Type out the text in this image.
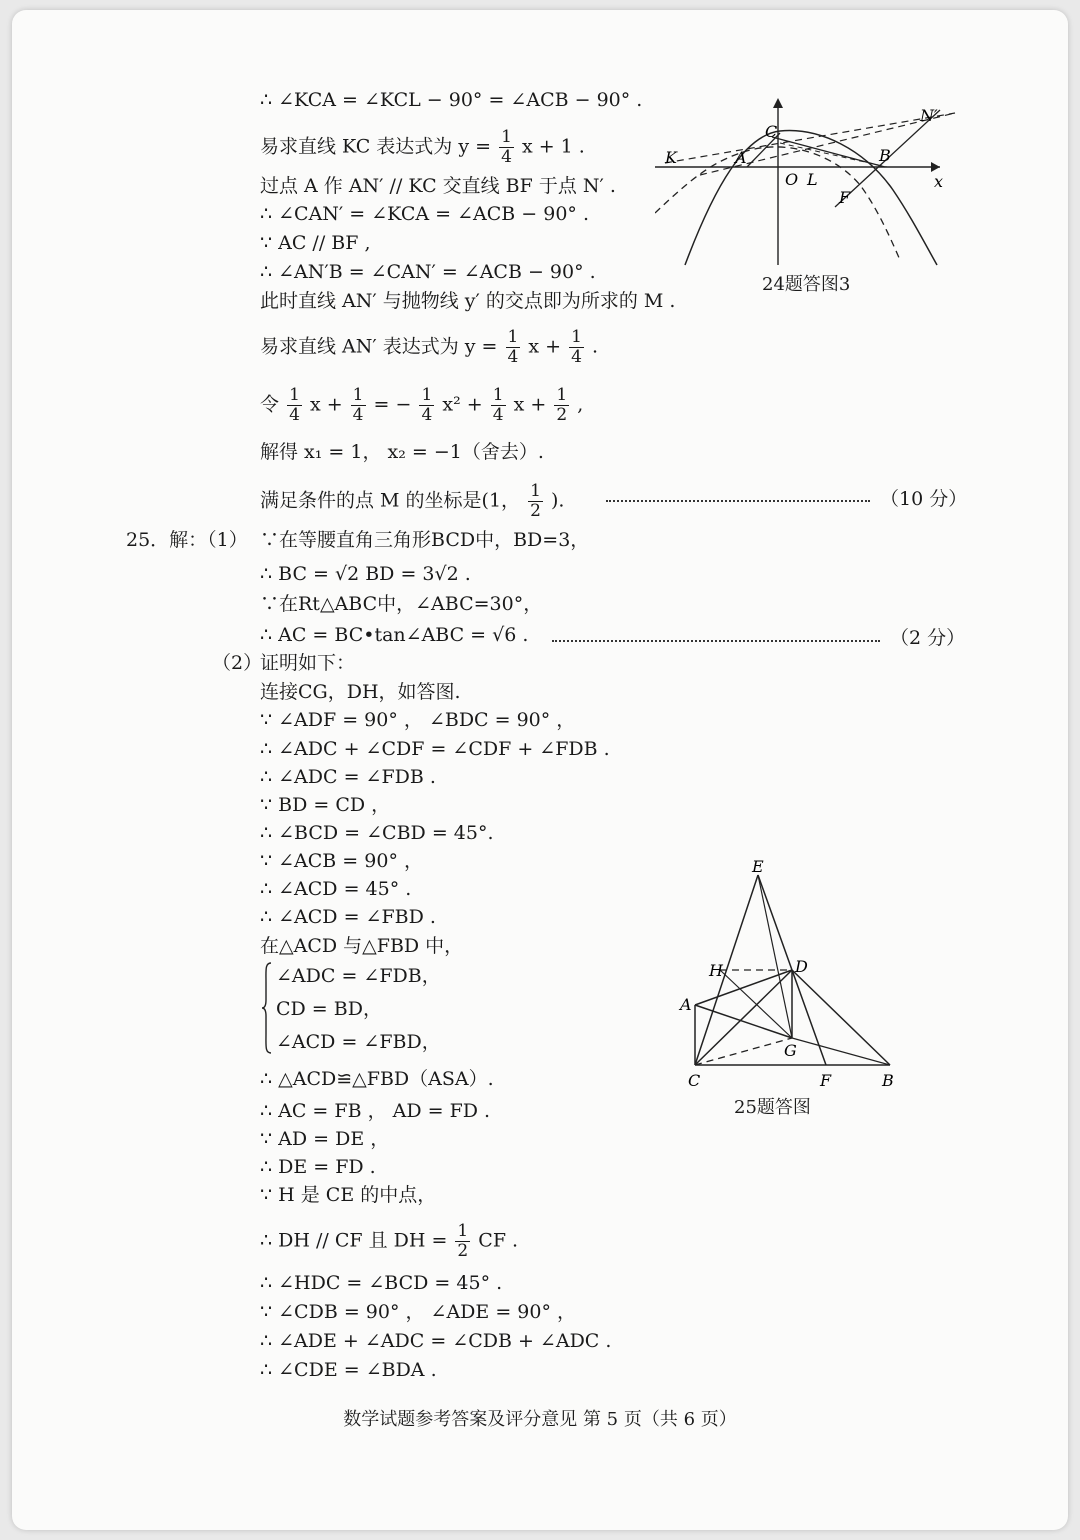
∴ ∠KCA = ∠KCL − 90° = ∠ACB − 90° .
易求直线 KC 表达式为 $y = \frac{1}{4}$ x + 1 .
过点 A 作 AN′ // KC 交直线 BF 于点 N′ .
∴ ∠CAN′ = ∠KCA = ∠ACB − 90° .
∵ AC // BF ,
∴ ∠AN′B = ∠CAN′ = ∠ACB − 90° .
此时直线 AN′ 与抛物线 y′ 的交点即为所求的 M .
易求直线 AN′ 表达式为 $y = \frac{1}{4}$ $x + \frac{1}{4}$ .
令 $\frac{1}{4}$ $x + \frac{1}{4}$ = − $\frac{1}{4} x^2 + \frac{1}{4}$ $x + \frac{1}{2}$ ,
解得 x₁ = 1， x₂ = −1（舍去）.
满足条件的点 M 的坐标是(1， $\frac{1}{2}$ ).	（10 分）
C
K	A
O L
B
N′
F
x
24题答图3
25．解：（1） ∵在等腰直角三角形BCD中，BD=3，
∴ BC = √2 BD = 3√2 .
∵在Rt△ABC中，∠ABC=30°，
∴ AC = BC•tan∠ABC = √6 .	（2 分）
（2）
证明如下：
连接CG，DH，如答图.
∵ ∠ADF = 90° ， ∠BDC = 90° ，
∴ ∠ADC + ∠CDF = ∠CDF + ∠FDB .
∴ ∠ADC = ∠FDB .
∵ BD = CD ，
∴ ∠BCD = ∠CBD = 45°.
∵ ∠ACB = 90° ，
∴ ∠ACD = 45° .
∴ ∠ACD = ∠FBD .
在△ACD 与△FBD 中，
∠ADC = ∠FDB，
CD = BD，
∠ACD = ∠FBD，
∴ △ACD≌△FBD（ASA）.
∴ AC = FB ， AD = FD .
∵ AD = DE ，
∴ DE = FD .
∵ H 是 CE 的中点，
∴ DH // CF 且 DH = $\frac{1}{2}$ CF .
∴ ∠HDC = ∠BCD = 45° .
∵ ∠CDB = 90° ， ∠ADE = 90° ，
∴ ∠ADE + ∠ADC = ∠CDB + ∠ADC .
∴ ∠CDE = ∠BDA .
E
H	D
A
G
C	F	B
25题答图
数学试题参考答案及评分意见 第 5 页（共 6 页）
